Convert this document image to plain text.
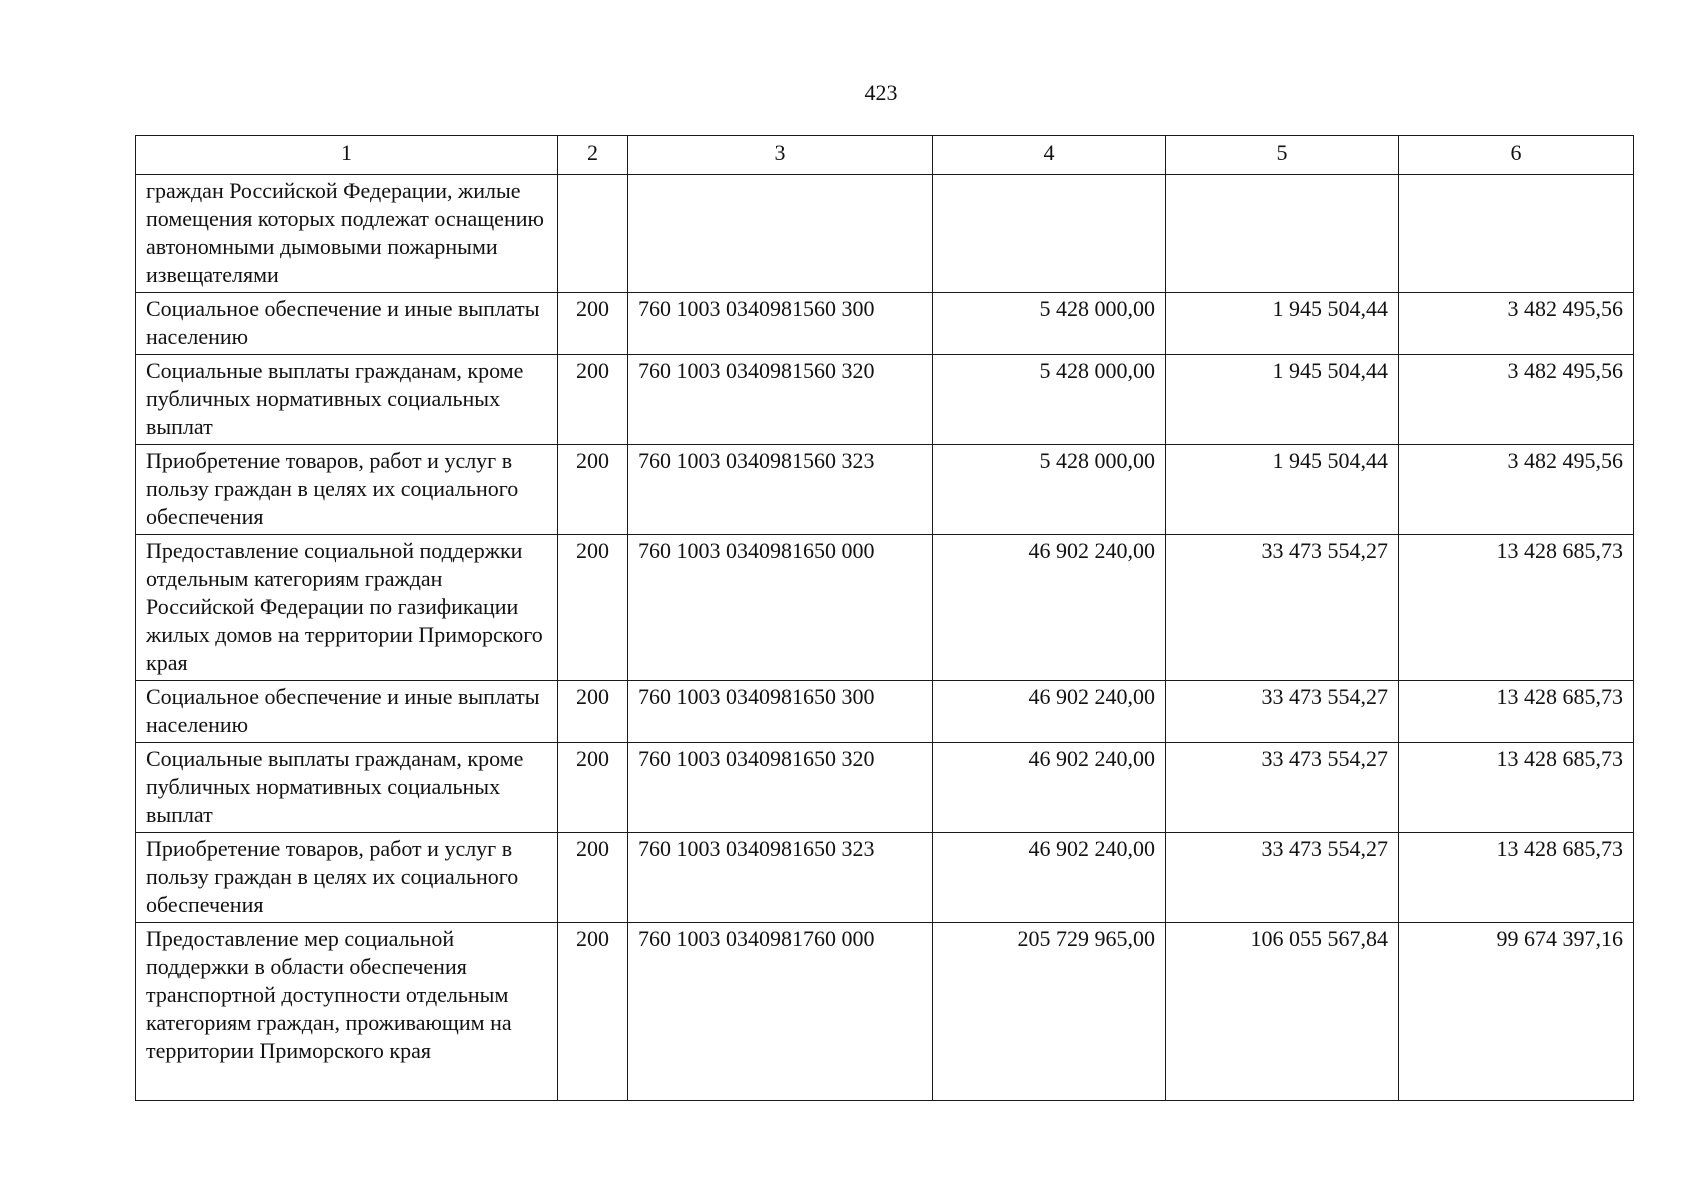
423
1	2	3	4	5	6
граждан Российской Федерации, жилые помещения которых подлежат оснащению автономными дымовыми пожарными извещателями					
Социальное обеспечение и иные выплаты населению	200	760 1003 0340981560 300	5 428 000,00	1 945 504,44	3 482 495,56
Социальные выплаты гражданам, кроме публичных нормативных социальных выплат	200	760 1003 0340981560 320	5 428 000,00	1 945 504,44	3 482 495,56
Приобретение товаров, работ и услуг в пользу граждан в целях их социального обеспечения	200	760 1003 0340981560 323	5 428 000,00	1 945 504,44	3 482 495,56
Предоставление социальной поддержки отдельным категориям граждан Российской Федерации по газификации жилых домов на территории Приморского края	200	760 1003 0340981650 000	46 902 240,00	33 473 554,27	13 428 685,73
Социальное обеспечение и иные выплаты населению	200	760 1003 0340981650 300	46 902 240,00	33 473 554,27	13 428 685,73
Социальные выплаты гражданам, кроме публичных нормативных социальных выплат	200	760 1003 0340981650 320	46 902 240,00	33 473 554,27	13 428 685,73
Приобретение товаров, работ и услуг в пользу граждан в целях их социального обеспечения	200	760 1003 0340981650 323	46 902 240,00	33 473 554,27	13 428 685,73
Предоставление мер социальной поддержки в области обеспечения транспортной доступности отдельным категориям граждан, проживающим на территории Приморского края	200	760 1003 0340981760 000	205 729 965,00	106 055 567,84	99 674 397,16
